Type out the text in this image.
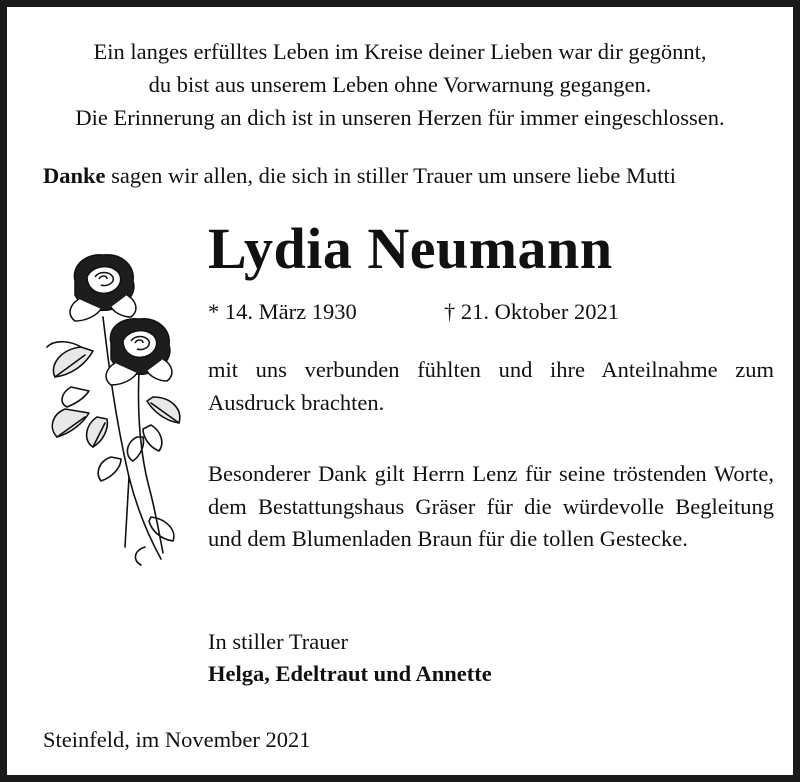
Ein langes erfülltes Leben im Kreise deiner Lieben war dir gegönnt,
du bist aus unserem Leben ohne Vorwarnung gegangen.
Die Erinnerung an dich ist in unseren Herzen für immer eingeschlossen.
Danke sagen wir allen, die sich in stiller Trauer um unsere liebe Mutti
Lydia Neumann
* 14. März 1930	† 21. Oktober 2021
mit uns verbunden fühlten und ihre Anteilnahme zum Ausdruck brachten.
Besonderer Dank gilt Herrn Lenz für seine tröstenden Worte, dem Bestattungshaus Gräser für die würdevolle Begleitung und dem Blumenladen Braun für die tollen Gestecke.
In stiller Trauer
Helga, Edeltraut und Annette
Steinfeld, im November 2021
